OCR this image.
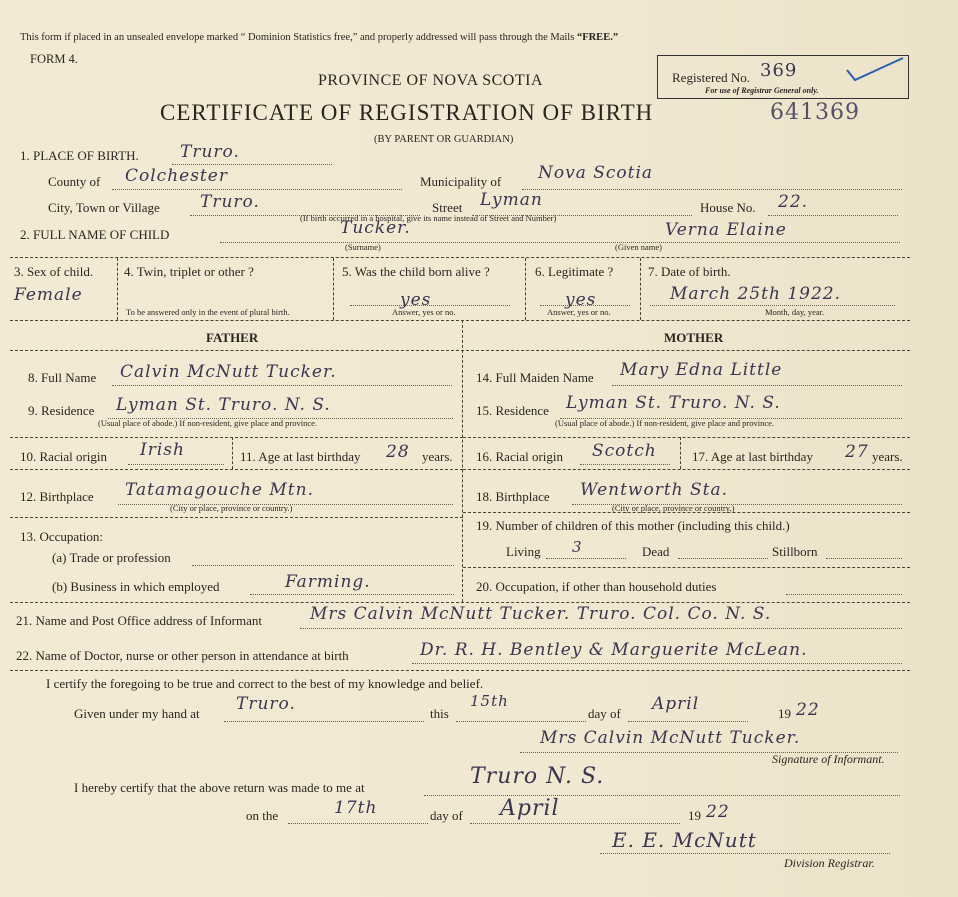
This form if placed in an unsealed envelope marked “ Dominion Statistics free,” and properly addressed will pass through the Mails “FREE.”
FORM 4.
PROVINCE OF NOVA SCOTIA
CERTIFICATE OF REGISTRATION OF BIRTH
(BY PARENT OR GUARDIAN)
Registered No. 369
For use of Registrar General only.
641369
1. PLACE OF BIRTH. Truro.
County of Colchester	Municipality of Nova Scotia
City, Town or Village Truro.	Street Lyman	House No. 22.
(If birth occurred in a hospital, give its name instead of Street and Number)
2. FULL NAME OF CHILD	Tucker.	Verna Elaine
(Surname)	(Given name)
3. Sex of child.
Female
4. Twin, triplet or other ?
To be answered only in the event of plural birth.
5. Was the child born alive ?
yes
Answer, yes or no.
6. Legitimate ?
yes
Answer, yes or no.
7. Date of birth.
March 25th 1922.
Month, day, year.
FATHER	MOTHER
8. Full Name Calvin McNutt Tucker.
9. Residence Lyman St. Truro. N. S.
(Usual place of abode.) If non-resident, give place and province.
10. Racial origin Irish	11. Age at last birthday 28 years.
12. Birthplace Tatamagouche Mtn.
(City or place, province or country.)
13. Occupation:
(a) Trade or profession
(b) Business in which employed	Farming.
14. Full Maiden Name Mary Edna Little
15. Residence Lyman St. Truro. N. S.
(Usual place of abode.) If non-resident, give place and province.
16. Racial origin Scotch	17. Age at last birthday 27 years.
18. Birthplace Wentworth Sta.
(City or place, province or country.)
19. Number of children of this mother (including this child.)
Living 3	Dead	Stillborn
20. Occupation, if other than household duties
21. Name and Post Office address of Informant	Mrs Calvin McNutt Tucker. Truro. Col. Co. N. S.
22. Name of Doctor, nurse or other person in attendance at birth	Dr. R. H. Bentley & Marguerite McLean.
I certify the foregoing to be true and correct to the best of my knowledge and belief.
Given under my hand at Truro.	this
15th
day of April	19 22
Mrs Calvin McNutt Tucker.
Signature of Informant.
I hereby certify that the above return was made to me at	Truro N. S.
on the	17th	day of April	19 22
E. E. McNutt
Division Registrar.
